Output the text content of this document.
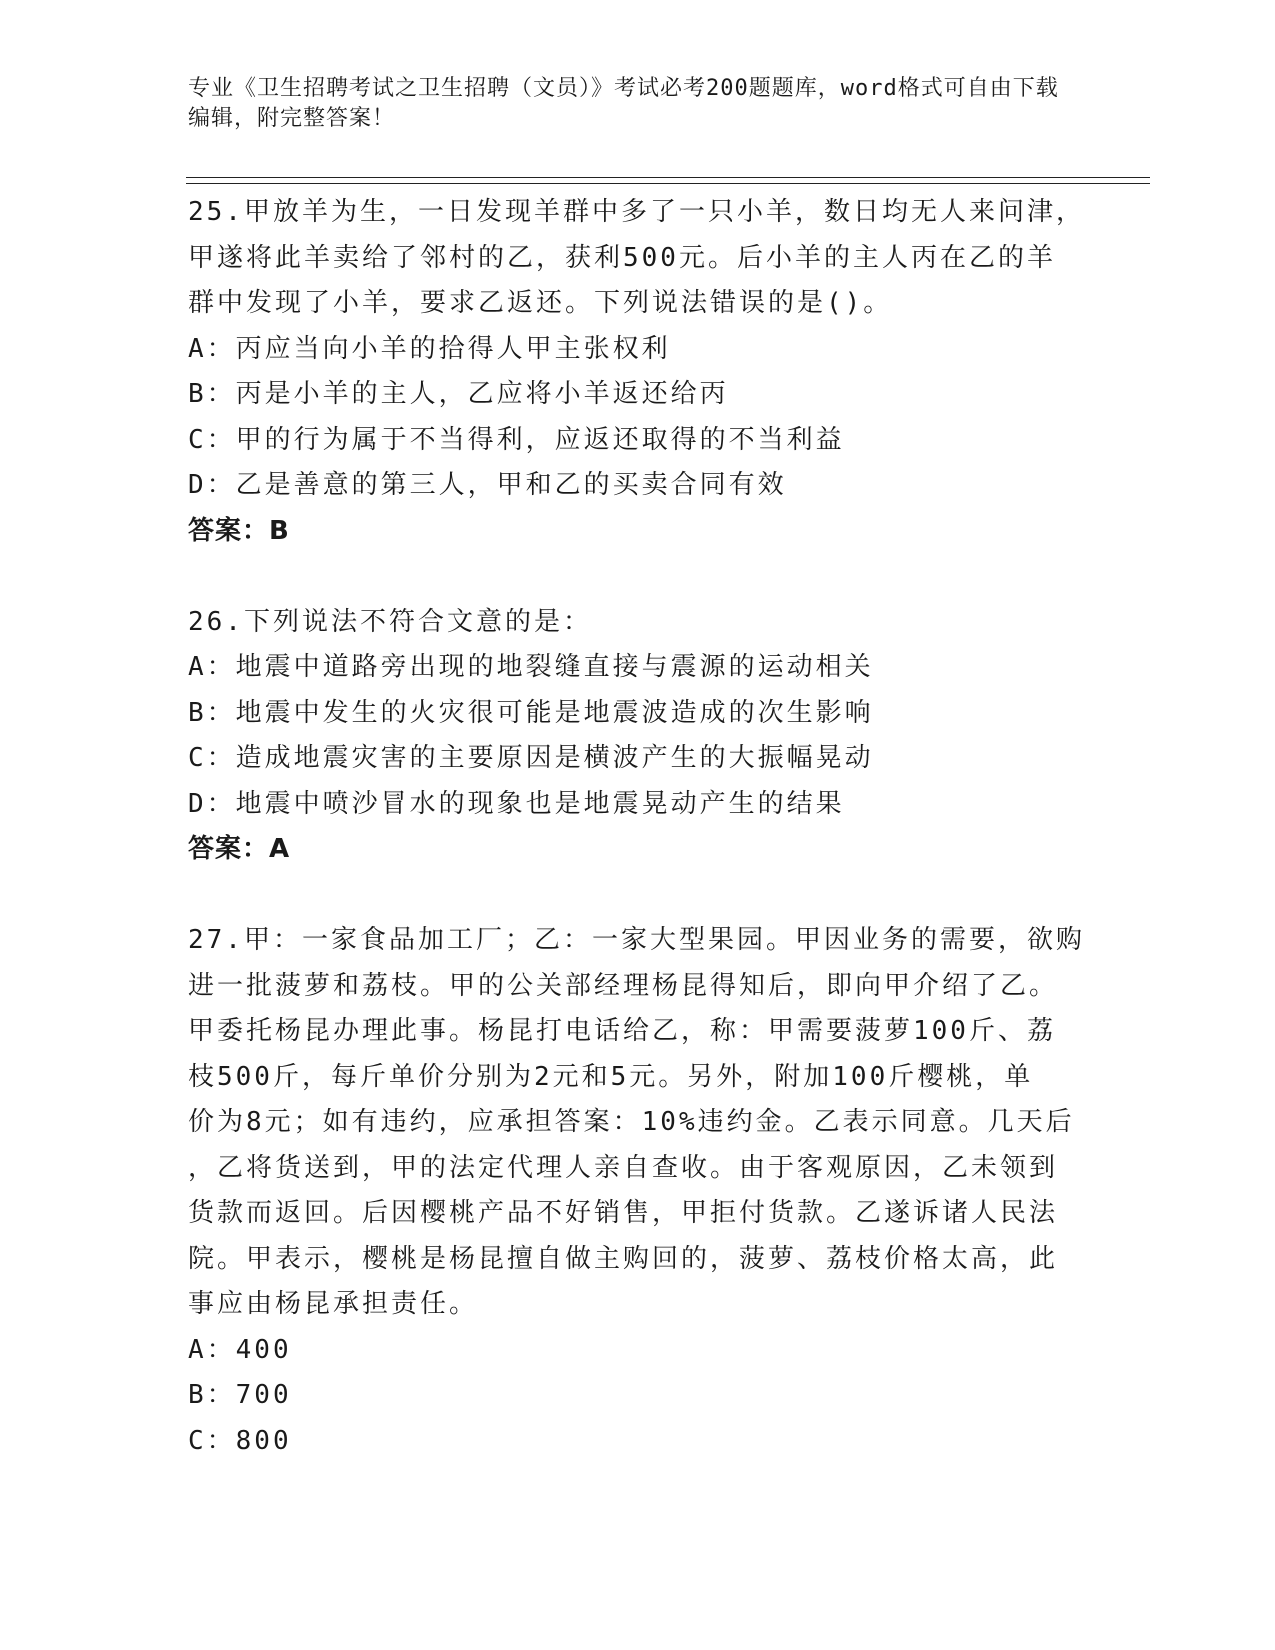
专业《卫生招聘考试之卫生招聘（文员）》考试必考200题题库，word格式可自由下载编辑，附完整答案！
25.甲放羊为生，一日发现羊群中多了一只小羊，数日均无人来问津，
甲遂将此羊卖给了邻村的乙，获利500元。后小羊的主人丙在乙的羊
群中发现了小羊，要求乙返还。下列说法错误的是()。
A：丙应当向小羊的拾得人甲主张权利
B：丙是小羊的主人，乙应将小羊返还给丙
C：甲的行为属于不当得利，应返还取得的不当利益
D：乙是善意的第三人，甲和乙的买卖合同有效
答案：B
26.下列说法不符合文意的是：
A：地震中道路旁出现的地裂缝直接与震源的运动相关
B：地震中发生的火灾很可能是地震波造成的次生影响
C：造成地震灾害的主要原因是横波产生的大振幅晃动
D：地震中喷沙冒水的现象也是地震晃动产生的结果
答案：A
27.甲：一家食品加工厂；乙：一家大型果园。甲因业务的需要，欲购
进一批菠萝和荔枝。甲的公关部经理杨昆得知后，即向甲介绍了乙。
甲委托杨昆办理此事。杨昆打电话给乙，称：甲需要菠萝100斤、荔
枝500斤，每斤单价分别为2元和5元。另外，附加100斤樱桃，单
价为8元；如有违约，应承担答案：10%违约金。乙表示同意。几天后
，乙将货送到，甲的法定代理人亲自查收。由于客观原因，乙未领到
货款而返回。后因樱桃产品不好销售，甲拒付货款。乙遂诉诸人民法
院。甲表示，樱桃是杨昆擅自做主购回的，菠萝、荔枝价格太高，此
事应由杨昆承担责任。
A：400
B：700
C：800
